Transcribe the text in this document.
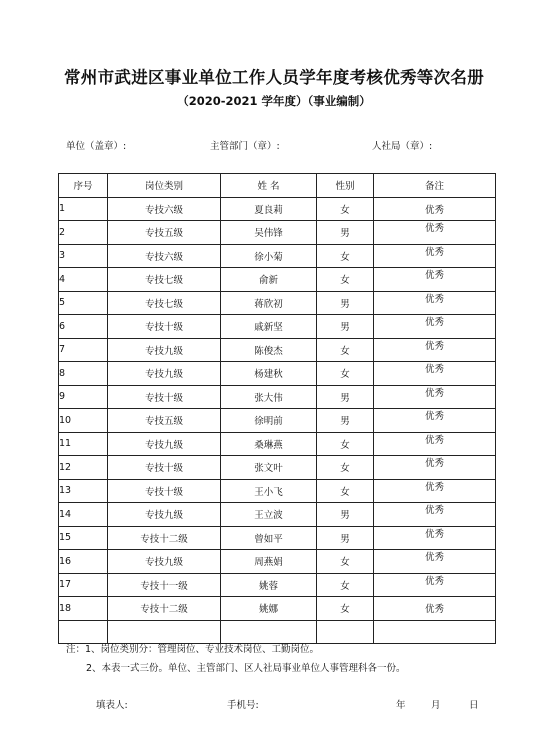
常州市武进区事业单位工作人员学年度考核优秀等次名册
（2020-2021 学年度）（事业编制）
单位（盖章）:	主管部门（章）:	人社局（章）:
序号	岗位类别	姓 名	性别	备注
1	专技六级	夏良莉	女	优秀
2	专技五级	吴伟锋	男	优秀
3	专技六级	徐小菊	女	优秀
4	专技七级	俞新	女	优秀
5	专技七级	蒋欣初	男	优秀
6	专技十级	戚新坚	男	优秀
7	专技九级	陈俊杰	女	优秀
8	专技九级	杨建秋	女	优秀
9	专技十级	张大伟	男	优秀
10	专技五级	徐明前	男	优秀
11	专技九级	桑琳燕	女	优秀
12	专技十级	张文叶	女	优秀
13	专技十级	王小飞	女	优秀
14	专技九级	王立波	男	优秀
15	专技十二级	曾如平	男	优秀
16	专技九级	周燕娟	女	优秀
17	专技十一级	姚蓉	女	优秀
18	专技十二级	姚娜	女	优秀

注：1、岗位类别分：管理岗位、专业技术岗位、工勤岗位。
2、本表一式三份。单位、主管部门、区人社局事业单位人事管理科各一份。
填表人:	手机号:	年	月	日
